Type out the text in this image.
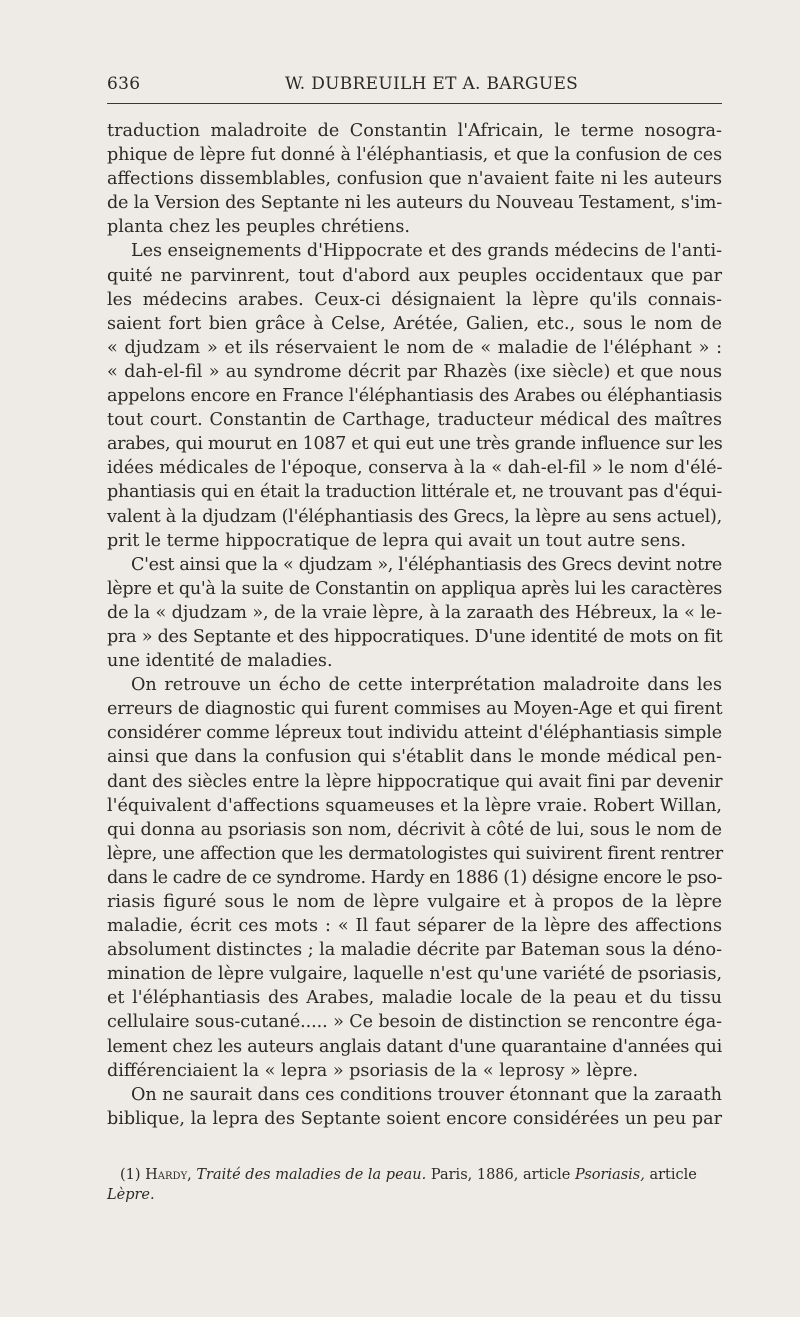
636	W. DUBREUILH ET A. BARGUES
traduction maladroite de Constantin l'Africain, le terme nosogra-
phique de lèpre fut donné à l'éléphantiasis, et que la confusion de ces
affections dissemblables, confusion que n'avaient faite ni les auteurs
de la Version des Septante ni les auteurs du Nouveau Testament, s'im-
planta chez les peuples chrétiens.
Les enseignements d'Hippocrate et des grands médecins de l'anti-
quité ne parvinrent, tout d'abord aux peuples occidentaux que par
les médecins arabes. Ceux-ci désignaient la lèpre qu'ils connais-
saient fort bien grâce à Celse, Arétée, Galien, etc., sous le nom de
« djudzam » et ils réservaient le nom de « maladie de l'éléphant » :
« dah-el-fil » au syndrome décrit par Rhazès (ixe siècle) et que nous
appelons encore en France l'éléphantiasis des Arabes ou éléphantiasis
tout court. Constantin de Carthage, traducteur médical des maîtres
arabes, qui mourut en 1087 et qui eut une très grande influence sur les
idées médicales de l'époque, conserva à la « dah-el-fil » le nom d'élé-
phantiasis qui en était la traduction littérale et, ne trouvant pas d'équi-
valent à la djudzam (l'éléphantiasis des Grecs, la lèpre au sens actuel),
prit le terme hippocratique de lepra qui avait un tout autre sens.
C'est ainsi que la « djudzam », l'éléphantiasis des Grecs devint notre
lèpre et qu'à la suite de Constantin on appliqua après lui les caractères
de la « djudzam », de la vraie lèpre, à la zaraath des Hébreux, la « le-
pra » des Septante et des hippocratiques. D'une identité de mots on fit
une identité de maladies.
On retrouve un écho de cette interprétation maladroite dans les
erreurs de diagnostic qui furent commises au Moyen-Age et qui firent
considérer comme lépreux tout individu atteint d'éléphantiasis simple
ainsi que dans la confusion qui s'établit dans le monde médical pen-
dant des siècles entre la lèpre hippocratique qui avait fini par devenir
l'équivalent d'affections squameuses et la lèpre vraie. Robert Willan,
qui donna au psoriasis son nom, décrivit à côté de lui, sous le nom de
lèpre, une affection que les dermatologistes qui suivirent firent rentrer
dans le cadre de ce syndrome. Hardy en 1886 (1) désigne encore le pso-
riasis figuré sous le nom de lèpre vulgaire et à propos de la lèpre
maladie, écrit ces mots : « Il faut séparer de la lèpre des affections
absolument distinctes ; la maladie décrite par Bateman sous la déno-
mination de lèpre vulgaire, laquelle n'est qu'une variété de psoriasis,
et l'éléphantiasis des Arabes, maladie locale de la peau et du tissu
cellulaire sous-cutané..... » Ce besoin de distinction se rencontre éga-
lement chez les auteurs anglais datant d'une quarantaine d'années qui
différenciaient la « lepra » psoriasis de la « leprosy » lèpre.
On ne saurait dans ces conditions trouver étonnant que la zaraath
biblique, la lepra des Septante soient encore considérées un peu par
(1) Hardy, Traité des maladies de la peau. Paris, 1886, article Psoriasis, article
Lèpre.
